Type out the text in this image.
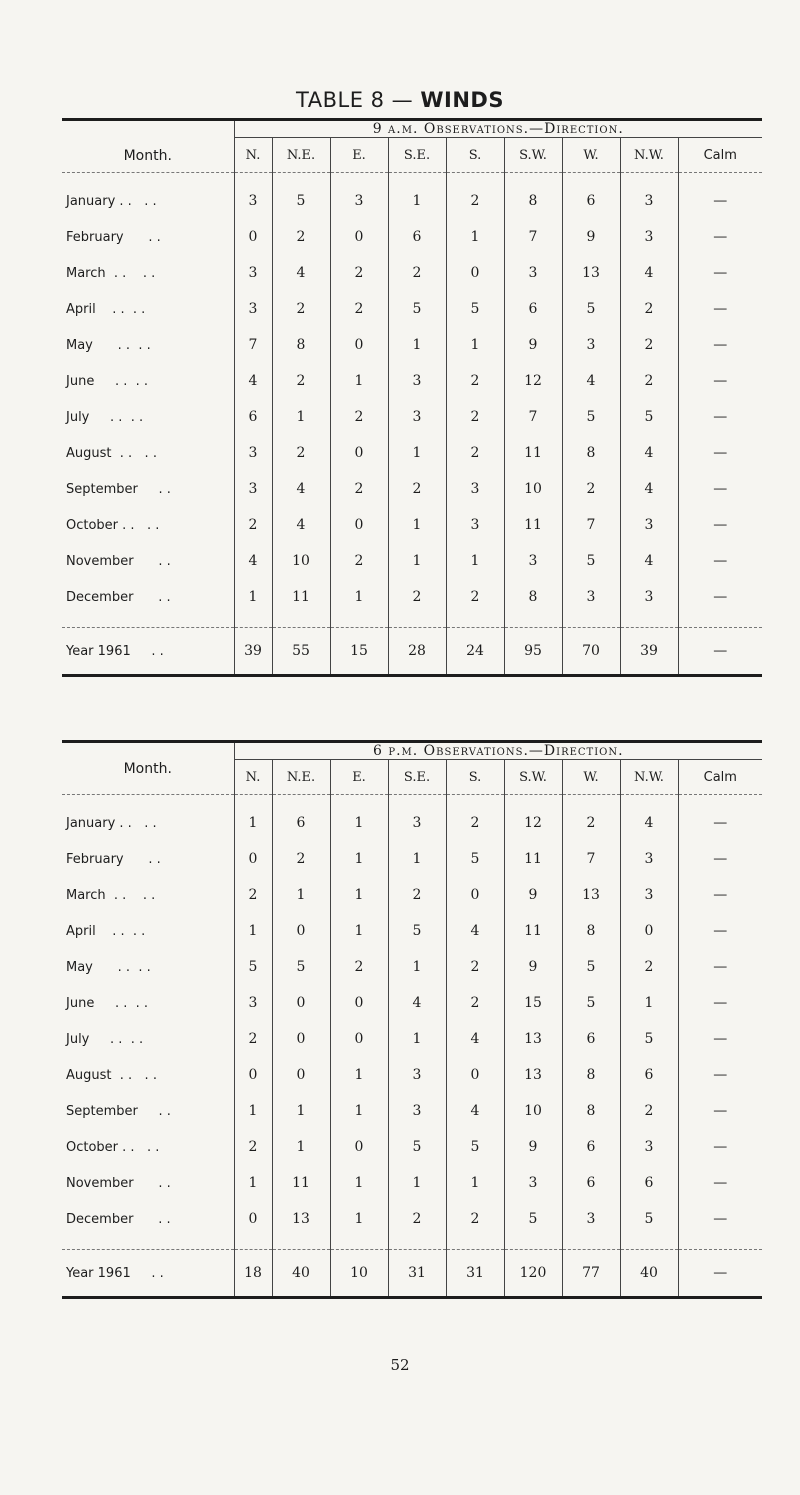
TABLE 8 — WINDS
Month.	9 a.m. Observations.—Direction.								
	N.	N.E.	E.	S.E.	S.	S.W.	W.	N.W.	Calm

January . .   . .	3	5	3	1	2	8	6	3	—
February      . .	0	2	0	6	1	7	9	3	—
March  . .    . .	3	4	2	2	0	3	13	4	—
April    . .  . .	3	2	2	5	5	6	5	2	—
May      . .  . .	7	8	0	1	1	9	3	2	—
June     . .  . .	4	2	1	3	2	12	4	2	—
July     . .  . .	6	1	2	3	2	7	5	5	—
August  . .   . .	3	2	0	1	2	11	8	4	—
September     . .	3	4	2	2	3	10	2	4	—
October . .   . .	2	4	0	1	3	11	7	3	—
November      . .	4	10	2	1	1	3	5	4	—
December      . .	1	11	1	2	2	8	3	3	—

Year 1961     . .	39	55	15	28	24	95	70	39	—
Month.	6 p.m. Observations.—Direction.								
	N.	N.E.	E.	S.E.	S.	S.W.	W.	N.W.	Calm

January . .   . .	1	6	1	3	2	12	2	4	—
February      . .	0	2	1	1	5	11	7	3	—
March  . .    . .	2	1	1	2	0	9	13	3	—
April    . .  . .	1	0	1	5	4	11	8	0	—
May      . .  . .	5	5	2	1	2	9	5	2	—
June     . .  . .	3	0	0	4	2	15	5	1	—
July     . .  . .	2	0	0	1	4	13	6	5	—
August  . .   . .	0	0	1	3	0	13	8	6	—
September     . .	1	1	1	3	4	10	8	2	—
October . .   . .	2	1	0	5	5	9	6	3	—
November      . .	1	11	1	1	1	3	6	6	—
December      . .	0	13	1	2	2	5	3	5	—

Year 1961     . .	18	40	10	31	31	120	77	40	—
52
